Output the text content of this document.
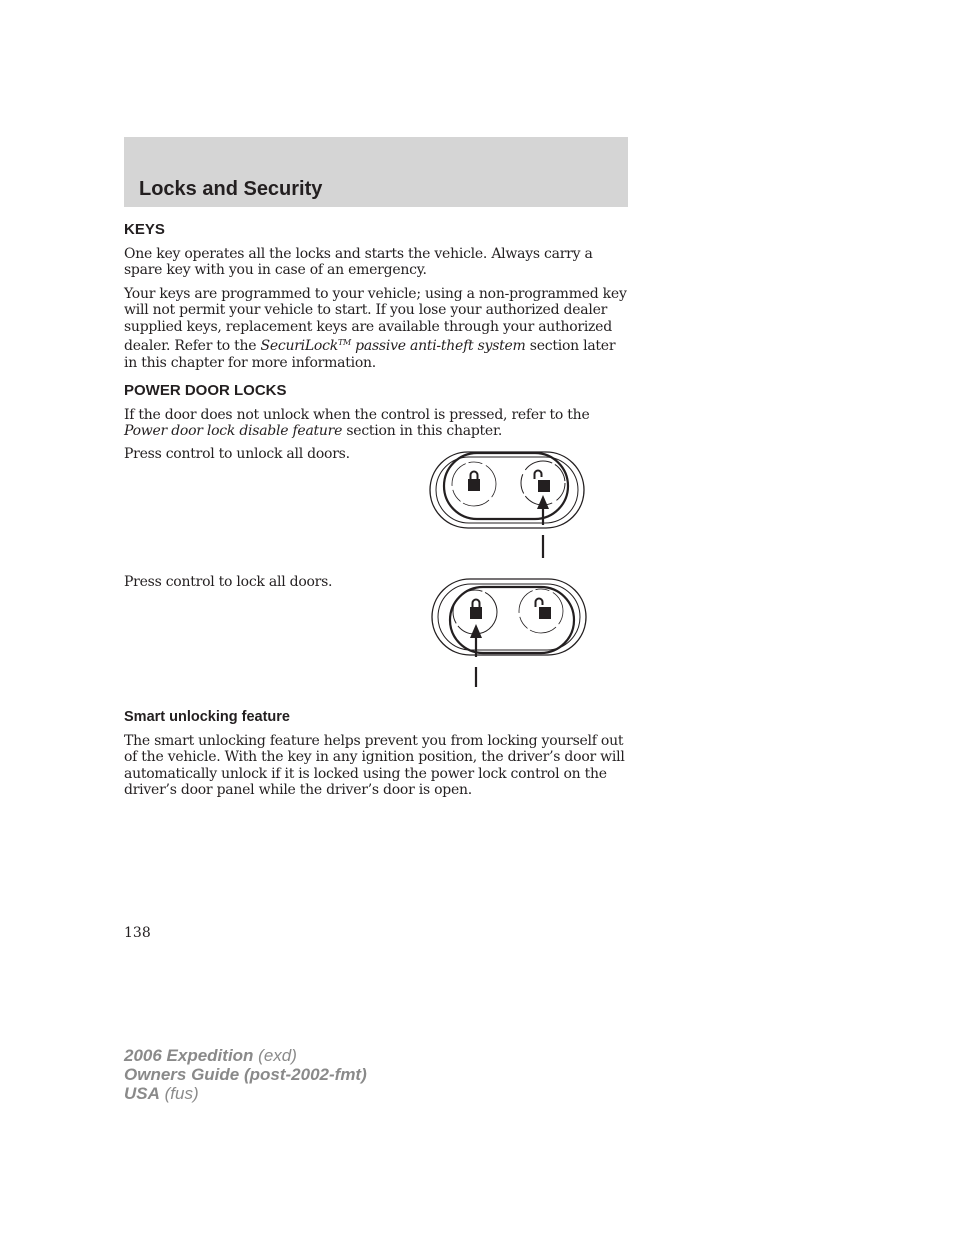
Locks and Security
KEYS

One key operates all the locks and starts the vehicle. Always carry a spare key with you in case of an emergency.

Your keys are programmed to your vehicle; using a non-programmed key will not permit your vehicle to start. If you lose your authorized dealer supplied keys, replacement keys are available through your authorized dealer. Refer to the SecuriLock™ passive anti-theft system section later in this chapter for more information.

POWER DOOR LOCKS

If the door does not unlock when the control is pressed, refer to the Power door lock disable feature section in this chapter.

Press control to unlock all doors.
Press control to lock all doors.
Smart unlocking feature

The smart unlocking feature helps prevent you from locking yourself out of the vehicle. With the key in any ignition position, the driver’s door will automatically unlock if it is locked using the power lock control on the driver’s door panel while the driver’s door is open.

138
2006 Expedition (exd)
Owners Guide (post-2002-fmt)
USA (fus)
